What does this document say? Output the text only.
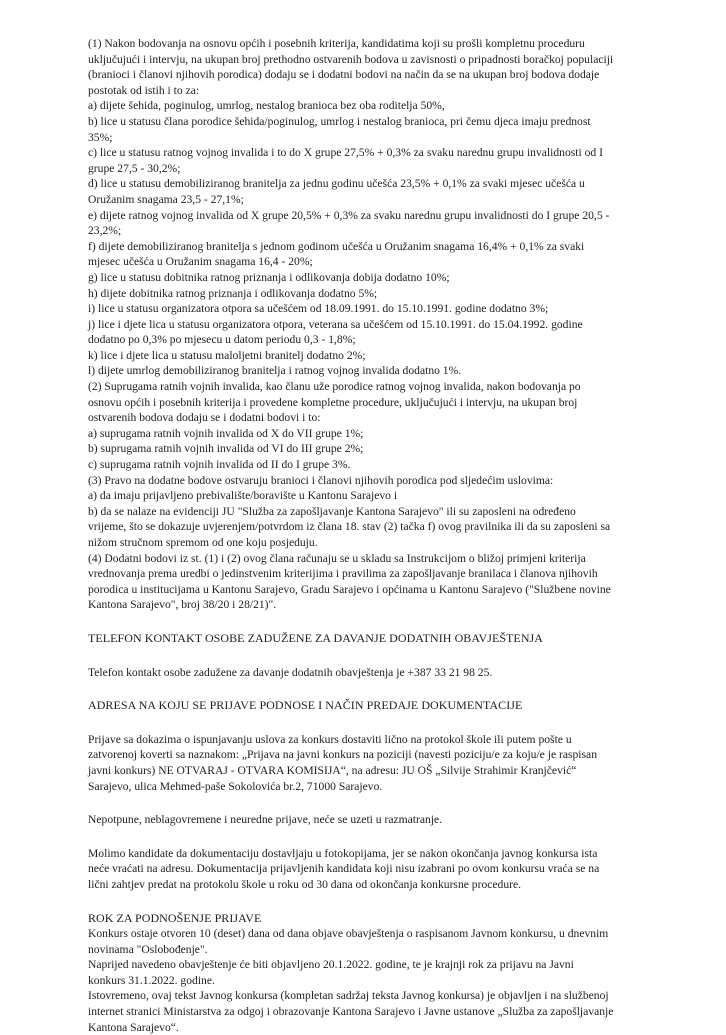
(1) Nakon bodovanja na osnovu općih i posebnih kriterija, kandidatima koji su prošli kompletnu proceduru
uključujući i intervju, na ukupan broj prethodno ostvarenih bodova u zavisnosti o pripadnosti boračkoj populaciji
(branioci i članovi njihovih porodica) dodaju se i dodatni bodovi na način da se na ukupan broj bodova dodaje
postotak od istih i to za:
a) dijete šehida, poginulog, umrlog, nestalog branioca bez oba roditelja 50%,
b) lice u statusu člana porodice šehida/poginulog, umrlog i nestalog branioca, pri čemu djeca imaju prednost
35%;
c) lice u statusu ratnog vojnog invalida i to do X grupe 27,5% + 0,3% za svaku narednu grupu invalidnosti od I
grupe 27,5 - 30,2%;
d) lice u statusu demobiliziranog branitelja za jednu godinu učešća 23,5% + 0,1% za svaki mjesec učešća u
Oružanim snagama 23,5 - 27,1%;
e) dijete ratnog vojnog invalida od X grupe 20,5% + 0,3% za svaku narednu grupu invalidnosti do I grupe 20,5 -
23,2%;
f) dijete demobiliziranog branitelja s jednom godinom učešća u Oružanim snagama 16,4% + 0,1% za svaki
mjesec učešća u Oružanim snagama 16,4 - 20%;
g) lice u statusu dobitnika ratnog priznanja i odlikovanja dobija dodatno 10%;
h) dijete dobitnika ratnog priznanja i odlikovanja dodatno 5%;
i) lice u statusu organizatora otpora sa učešćem od 18.09.1991. do 15.10.1991. godine dodatno 3%;
j) lice i djete lica u statusu organizatora otpora, veterana sa učešćem od 15.10.1991. do 15.04.1992. godine
dodatno po 0,3% po mjesecu u datom periodu 0,3 - 1,8%;
k) lice i djete lica u statusu maloljetni branitelj dodatno 2%;
l) dijete umrlog demobiliziranog branitelja i ratnog vojnog invalida dodatno 1%.
(2) Suprugama ratnih vojnih invalida, kao članu uže porodice ratnog vojnog invalida, nakon bodovanja po
osnovu općih i posebnih kriterija i provedene kompletne procedure, uključujući i intervju, na ukupan broj
ostvarenih bodova dodaju se i dodatni bodovi i to:
a) suprugama ratnih vojnih invalida od X do VII grupe 1%;
b) suprugama ratnih vojnih invalida od VI do III grupe 2%;
c) suprugama ratnih vojnih invalida od II do I grupe 3%.
(3) Pravo na dodatne bodove ostvaruju branioci i članovi njihovih porodica pod sljedećim uslovima:
a) da imaju prijavljeno prebivalište/boravište u Kantonu Sarajevo i
b) da se nalaze na evidenciji JU "Služba za zapošljavanje Kantona Sarajevo" ili su zaposleni na određeno
vrijeme, što se dokazuje uvjerenjem/potvrdom iz člana 18. stav (2) tačka f) ovog pravilnika ili da su zaposleni sa
nižom stručnom spremom od one koju posjeduju.
(4) Dodatni bodovi iz st. (1) i (2) ovog člana računaju se u skladu sa Instrukcijom o bližoj primjeni kriterija
vrednovanja prema uredbi o jedinstvenim kriterijima i pravilima za zapošljavanje branilaca i članova njihovih
porodica u institucijama u Kantonu Sarajevo, Gradu Sarajevo i općinama u Kantonu Sarajevo ("Službene novine
Kantona Sarajevo", broj 38/20 i 28/21)".
TELEFON KONTAKT OSOBE ZADUŽENE ZA DAVANJE DODATNIH OBAVJEŠTENJA
Telefon kontakt osobe zadužene za davanje dodatnih obavještenja je +387 33 21 98 25.
ADRESA NA KOJU SE PRIJAVE PODNOSE I NAČIN PREDAJE DOKUMENTACIJE
Prijave sa dokazima o ispunjavanju uslova za konkurs dostaviti lično na protokol škole ili putem pošte u
zatvorenoj koverti sa naznakom: „Prijava na javni konkurs na poziciji (navesti poziciju/e za koju/e je raspisan
javni konkurs) NE OTVARAJ - OTVARA KOMISIJA“, na adresu: JU OŠ „Silvije Strahimir Kranjčević“
Sarajevo, ulica Mehmed-paše Sokolovića br.2, 71000 Sarajevo.
Nepotpune, neblagovremene i neuredne prijave, neće se uzeti u razmatranje.
Molimo kandidate da dokumentaciju dostavljaju u fotokopijama, jer se nakon okončanja javnog konkursa ista
neće vraćati na adresu. Dokumentacija prijavljenih kandidata koji nisu izabrani po ovom konkursu vraća se na
lični zahtjev predat na protokolu škole u roku od 30 dana od okončanja konkursne procedure.
ROK ZA PODNOŠENJE PRIJAVE
Konkurs ostaje otvoren 10 (deset) dana od dana objave obavještenja o raspisanom Javnom konkursu, u dnevnim
novinama "Oslobođenje".
Naprijed navedeno obavještenje će biti objavljeno 20.1.2022. godine, te je krajnji rok za prijavu na Javni
konkurs 31.1.2022. godine.
Istovremeno, ovaj tekst Javnog konkursa (kompletan sadržaj teksta Javnog konkursa) je objavljen i na službenoj
internet stranici Ministarstva za odgoj i obrazovanje Kantona Sarajevo i Javne ustanove „Služba za zapošljavanje
Kantona Sarajevo“.
